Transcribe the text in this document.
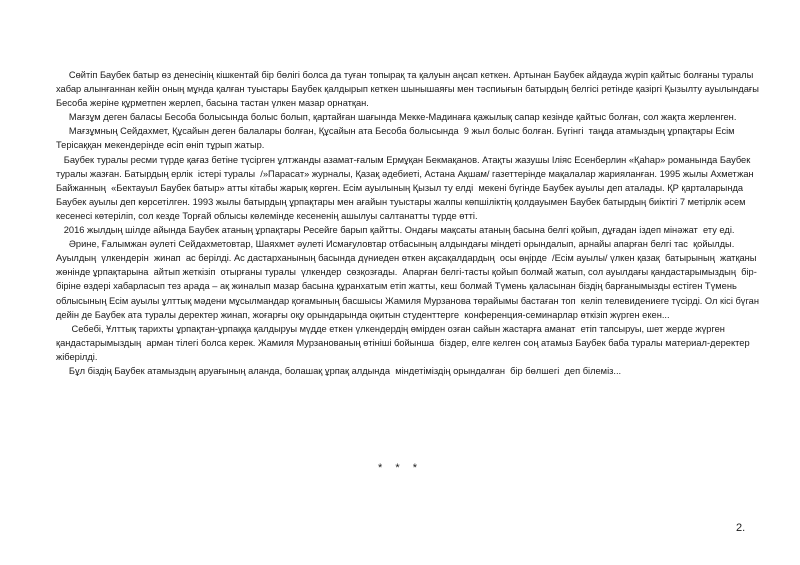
Сөйтіп Баубек батыр өз денесінің кішкентай бір бөлігі болса да туған топырақ та қалуын аңсап кеткен. Артынан Баубек айдауда жүріп қайтыс болғаны туралы хабар алынғаннан кейін оның мұнда қалған туыстары Баубек қалдырып кеткен шынышаяғы мен тәспиығын батырдың белгісі ретінде қазіргі Қызылту ауылындағы Бесоба жеріне құрметпен жерлеп, басына тастан үлкен мазар орнатқан.

Мағзұм деген баласы Бесоба болысында болыс болып, қартайған шағында Мекке-Мадинаға қажылық сапар кезінде қайтыс болған, сол жақта жерленген.

Мағзұмның Сейдахмет, Құсайын деген балалары болған, Құсайын ата Бесоба болысында  9 жыл болыс болған. Бүгінгі  таңда атамыздың ұрпақтары Есім Терісаққан мекендерінде өсіп өніп тұрып жатыр.

Баубек туралы ресми түрде қағаз бетіне түсірген ұлтжанды азамат-ғалым Ермұқан Бекмақанов. Атақты жазушы Іліяс Есенберлин «Қаһар» романында Баубек туралы жазған. Батырдың ерлік  істері туралы  /»Парасат» журналы, Қазақ әдебиеті, Астана Ақшам/ газеттерінде мақалалар жарияланған. 1995 жылы Ахметжан Байжанның  «Бектауыл Баубек батыр» атты кітабы жарық көрген. Есім ауылының Қызыл ту елді  мекені бүгінде Баубек ауылы деп аталады. ҚР қарталарында Баубек ауылы деп көрсетілген. 1993 жылы батырдың ұрпақтары мен ағайын туыстары жалпы көпшіліктің қолдауымен Баубек батырдың биіктігі 7 метірлік әсем кесенесі көтеріліп, сол кезде Торғай облысы көлемінде кесененің ашылуы салтанатты түрде өтті.

2016 жылдың шілде айында Баубек атаның ұрпақтары Ресейге барып қайтты. Ондағы мақсаты атаның басына белгі қойып, дұғадан іздеп мінәжат  ету еді.

Әрине, Ғалымжан әулеті Сейдахметовтар, Шаяхмет әулеті Исмағуловтар отбасының алдындағы міндеті орындалып, арнайы апарған белгі тас  қойылды. Ауылдың  үлкендерін  жинап  ас берілді. Ас дастарханының басында дүниеден өткен ақсақалдардың  осы өңірде  /Есім ауылы/ үлкен қазақ  батырының  жатқаны  жөнінде ұрпақтарына  айтып жеткізіп  отырғаны туралы  үлкендер  сөзқозғады.  Апарған белгі-тасты қойып болмай жатып, сол ауылдағы қандастарымыздың  бір-біріне өздері хабарласып тез арада – ақ жиналып мазар басына құранхатым етіп жатты, кеш болмай Түмень қаласынан біздің барғанымызды естіген Түмень облысының Есім ауылы ұлттық мәдени мұсылмандар қоғамының басшысы Жамиля Мурзанова төрайымы бастаған топ  келіп телевидениеге түсірді. Ол кісі бүган дейін де Баубек ата туралы деректер жинап, жоғарғы оқу орындарында оқитын студенттерге  конференция-семинарлар өткізіп жүрген екен...

Себебі, Ұлттық тарихты ұрпақтан-ұрпаққа қалдыруы мүдде еткен үлкендердің өмірден озған сайын жастарға аманат  етіп тапсыруы, шет жерде жүрген қандастарымыздың  арман тілегі болса керек. Жамиля Мурзанованың өтініші бойынша  біздер, елге келген соң атамыз Баубек баба туралы материал-деректер жіберілді.

Бұл біздің Баубек атамыздың аруағының аланда, болашақ ұрпақ алдында  міндетіміздің орындалған  бір бөлшегі  деп білеміз...

* * *
2.
